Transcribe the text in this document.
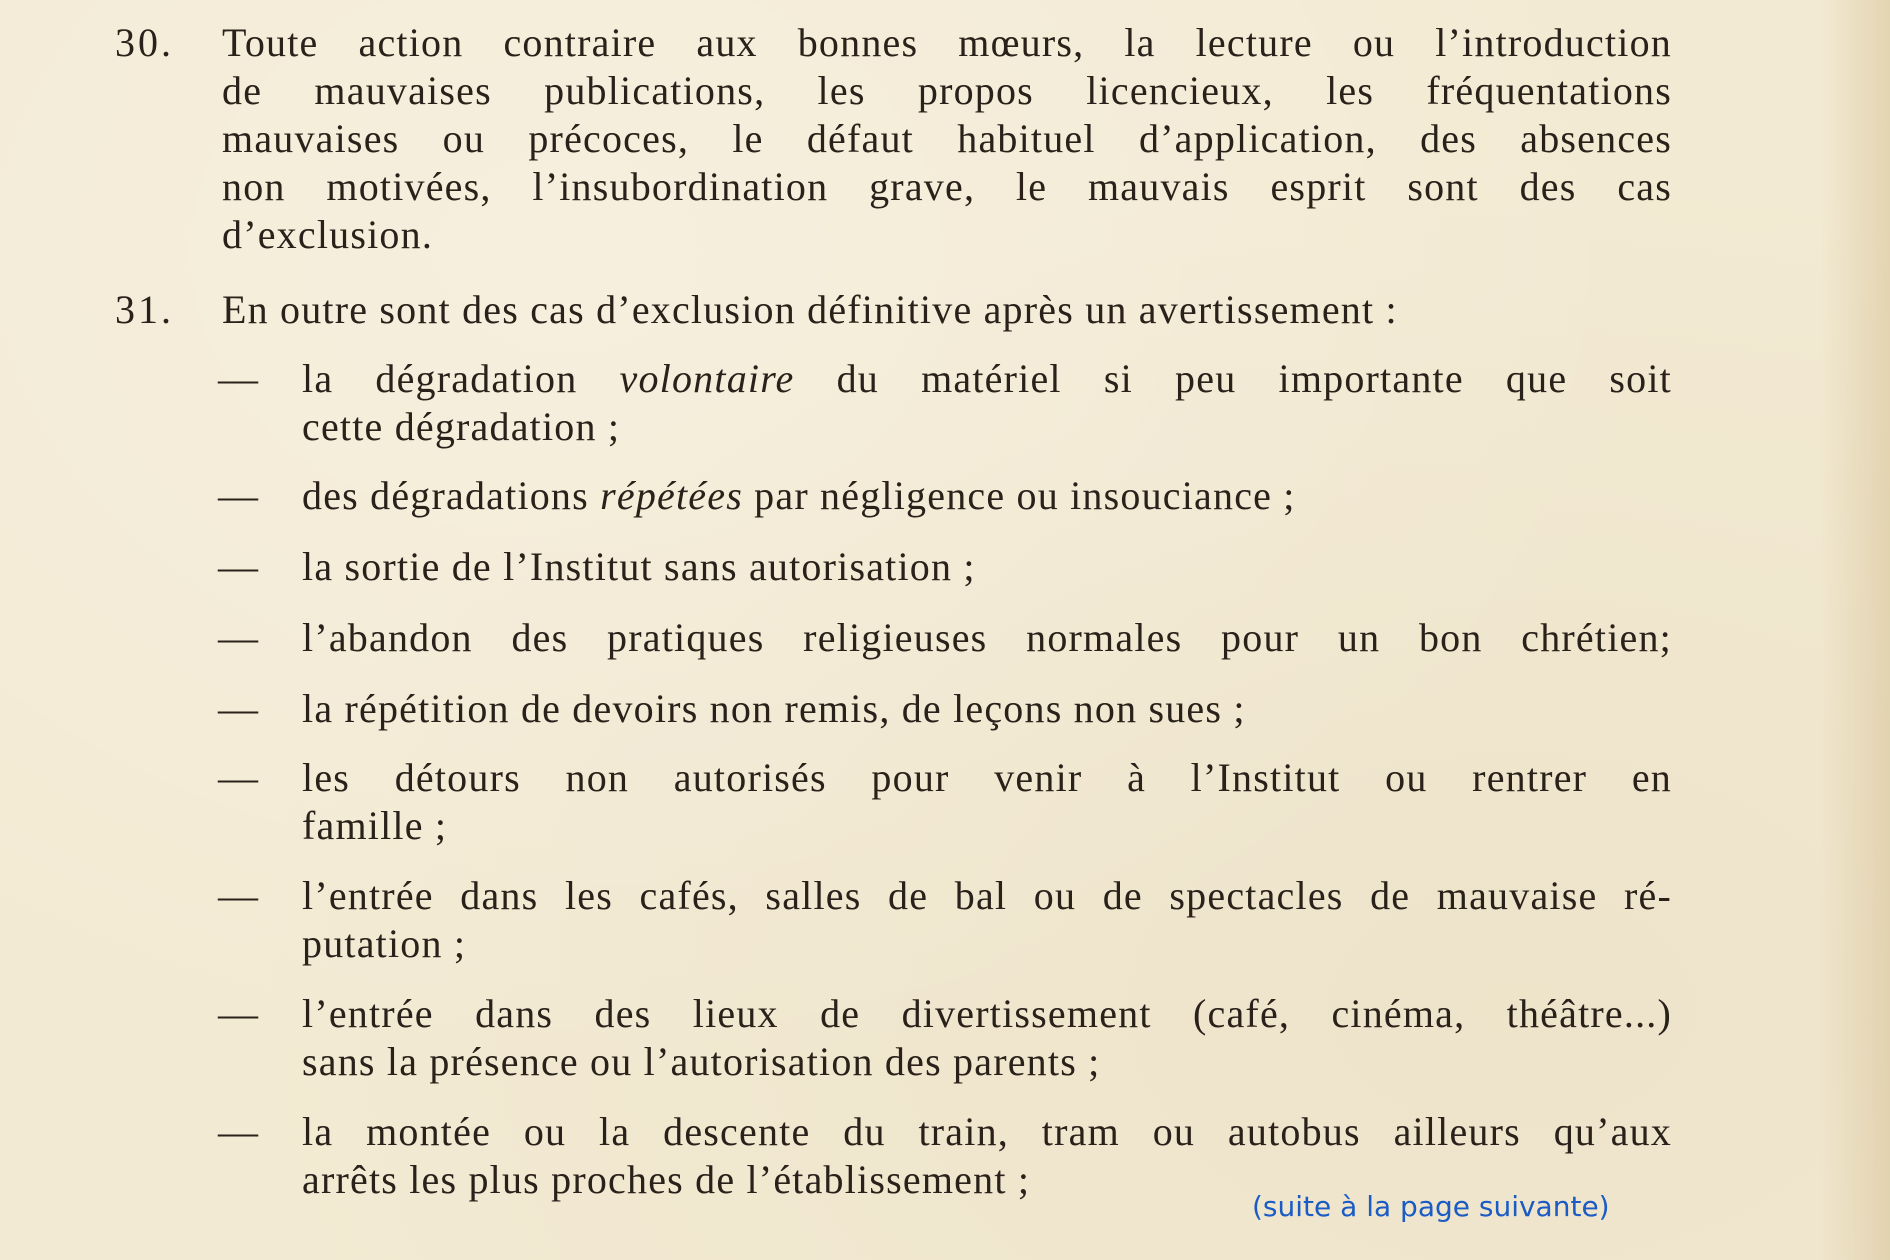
30. Toute action contraire aux bonnes mœurs, la lecture ou l’introduction
de mauvaises publications, les propos licencieux, les fréquentations
mauvaises ou précoces, le défaut habituel d’application, des absences
non motivées, l’insubordination grave, le mauvais esprit sont des cas
d’exclusion.
31. En outre sont des cas d’exclusion définitive après un avertissement :
— la dégradation volontaire du matériel si peu importante que soit
cette dégradation ;
— des dégradations répétées par négligence ou insouciance ;
— la sortie de l’Institut sans autorisation ;
— l’abandon des pratiques religieuses normales pour un bon chrétien;
— la répétition de devoirs non remis, de leçons non sues ;
— les détours non autorisés pour venir à l’Institut ou rentrer en
famille ;
— l’entrée dans les cafés, salles de bal ou de spectacles de mauvaise ré-
putation ;
— l’entrée dans des lieux de divertissement (café, cinéma, théâtre...)
sans la présence ou l’autorisation des parents ;
— la montée ou la descente du train, tram ou autobus ailleurs qu’aux
arrêts les plus proches de l’établissement ;
(suite à la page suivante)
